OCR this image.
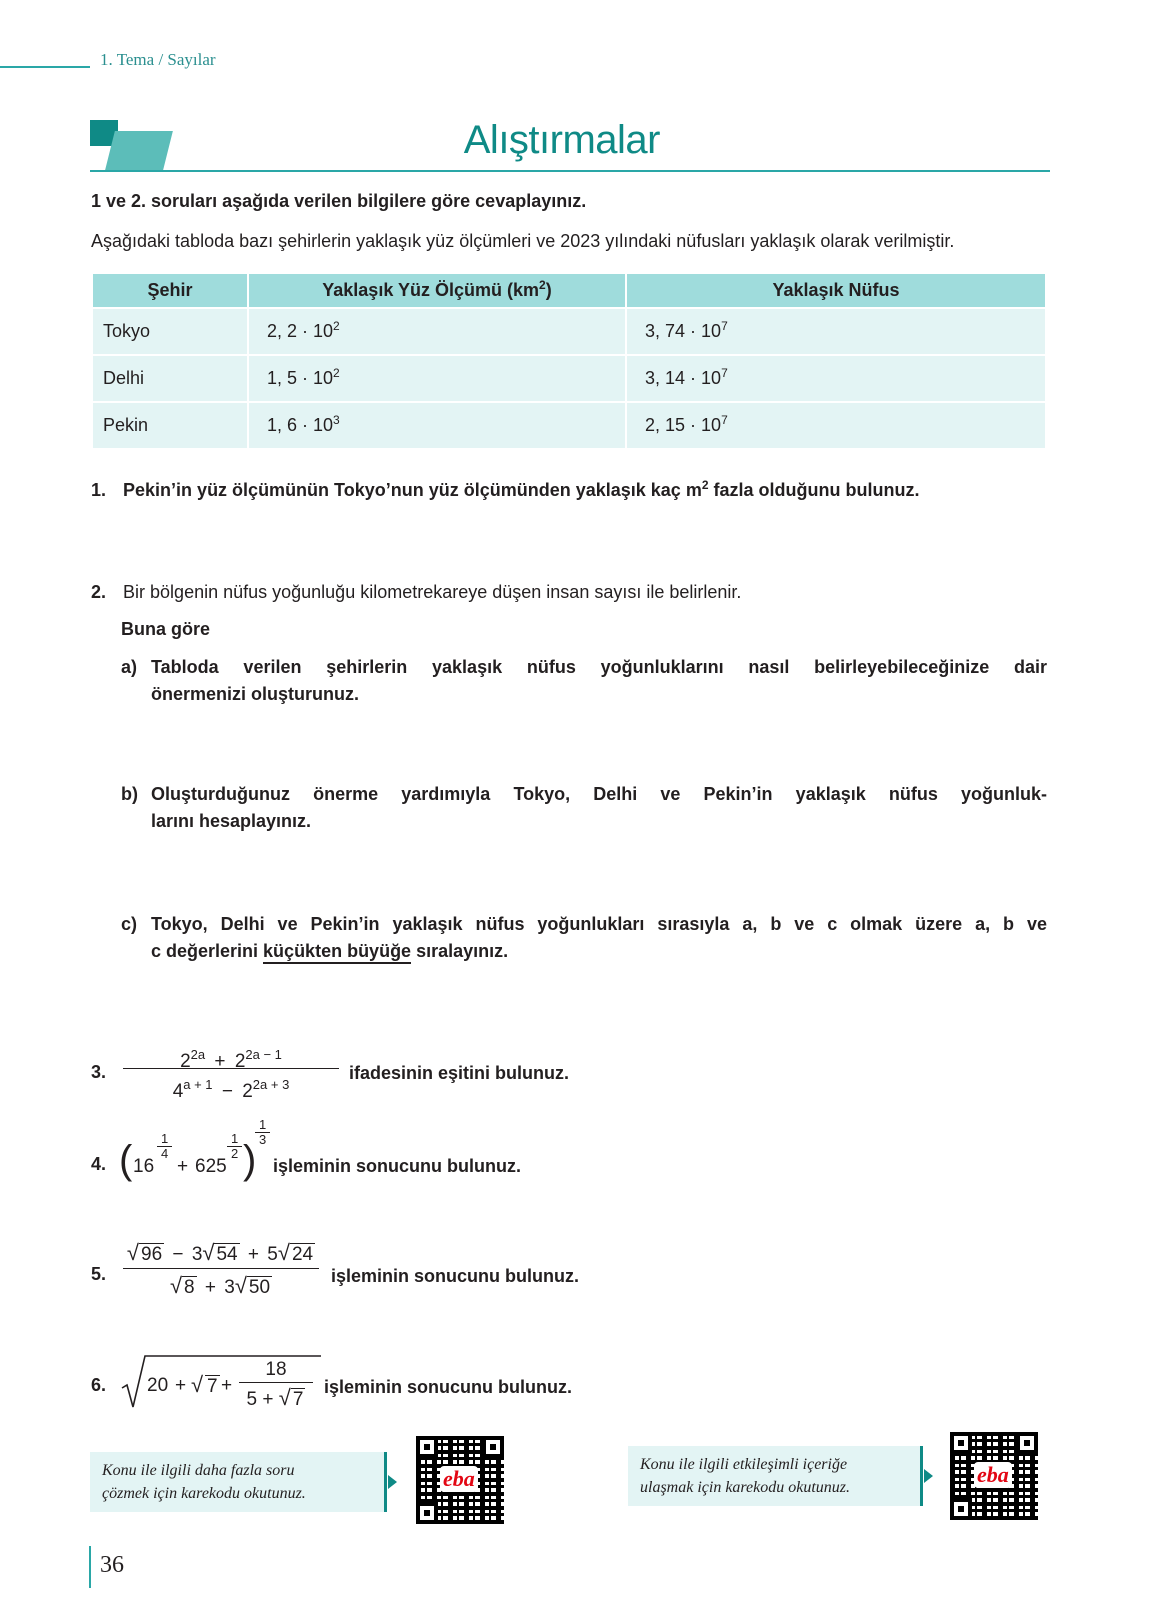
1. Tema / Sayılar
Alıştırmalar
1 ve 2. soruları aşağıda verilen bilgilere göre cevaplayınız.
Aşağıdaki tabloda bazı şehirlerin yaklaşık yüz ölçümleri ve 2023 yılındaki nüfusları yaklaşık olarak verilmiştir.
Şehir	Yaklaşık Yüz Ölçümü $(km^2)$	Yaklaşık Nüfus
Tokyo	2, $2 \cdot 10^2$	3, $74 \cdot 10^7$
Delhi	1, $5 \cdot 10^2$	3, $14 \cdot 10^7$
Pekin	1, $6 \cdot 10^3$	2, $15 \cdot 10^7$
1. Pekin’in yüz ölçümünün Tokyo’nun yüz ölçümünden yaklaşık kaç $m^2$ fazla olduğunu bulunuz.
2. Bir bölgenin nüfus yoğunluğu kilometrekareye düşen insan sayısı ile belirlenir.
Buna göre
a) Tabloda verilen şehirlerin yaklaşık nüfus yoğunluklarını nasıl belirleyebileceğinize dair
önermenizi oluşturunuz.
b) Oluşturduğunuz önerme yardımıyla Tokyo, Delhi ve Pekin’in yaklaşık nüfus yoğunluk-
larını hesaplayınız.
c) Tokyo, Delhi ve Pekin’in yaklaşık nüfus yoğunlukları sırasıyla a, b ve c olmak üzere a, b ve
c değerlerini küçükten büyüğe sıralayınız.
3.	$2^{2a} + 2^{2a - 1}$
$4^{a + 1} - 2^{2a + 3}$
ifadesinin eşitini bulunuz.
4. ( 16
$\frac{1}{4}$
+ 625
$\frac{1}{2}$ )
$\frac{1}{3}$
işleminin sonucunu bulunuz.
5.
√ 96 − 3√ 54 + 5√ 24
√ 8 + 3√ 50
işleminin sonucunu bulunuz.
6. 20 + √ 7 +
18
5 + √ 7
işleminin sonucunu bulunuz.
Konu ile ilgili daha fazla soru
çözmek için karekodu okutunuz.
eba
Konu ile ilgili etkileşimli içeriğe
ulaşmak için karekodu okutunuz.
eba
36
